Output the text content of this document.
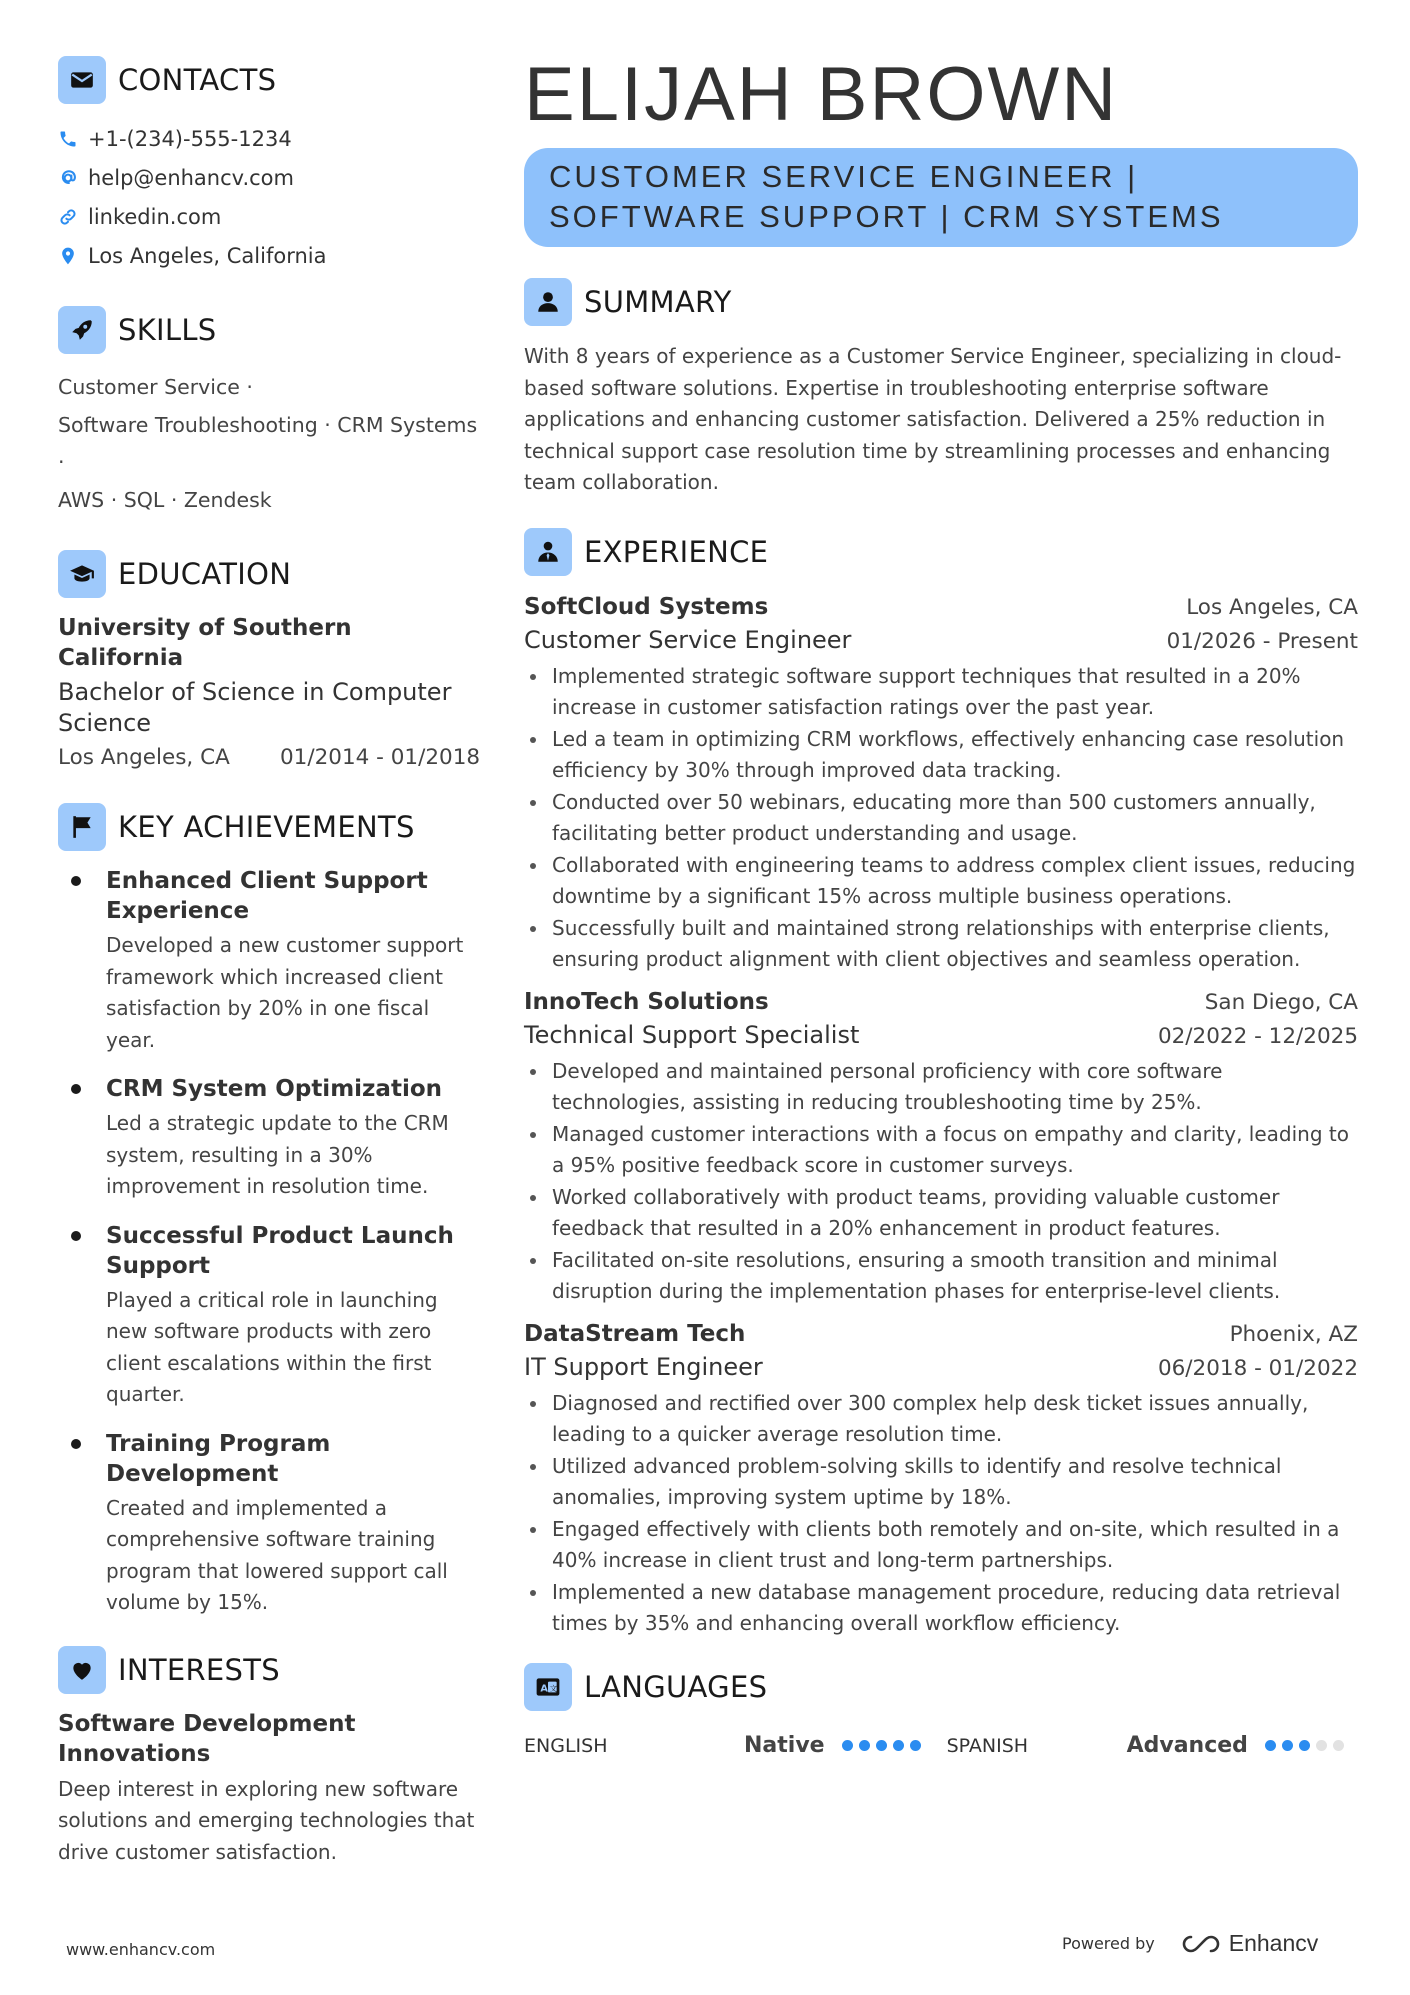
CONTACTS
+1-(234)-555-1234
help@enhancv.com
linkedin.com
Los Angeles, California
SKILLS
Customer Service ·
Software Troubleshooting · CRM Systems ·
AWS · SQL · Zendesk
EDUCATION
University of Southern California
Bachelor of Science in Computer Science
Los Angeles, CA	01/2014 - 01/2018
KEY ACHIEVEMENTS
Enhanced Client Support Experience
Developed a new customer support framework which increased client satisfaction by 20% in one fiscal year.
CRM System Optimization
Led a strategic update to the CRM system, resulting in a 30% improvement in resolution time.
Successful Product Launch Support
Played a critical role in launching new software products with zero client escalations within the first quarter.
Training Program Development
Created and implemented a comprehensive software training program that lowered support call volume by 15%.
INTERESTS
Software Development Innovations
Deep interest in exploring new software solutions and emerging technologies that drive customer satisfaction.
ELIJAH BROWN
CUSTOMER SERVICE ENGINEER | SOFTWARE SUPPORT | CRM SYSTEMS
SUMMARY
With 8 years of experience as a Customer Service Engineer, specializing in cloud-based software solutions. Expertise in troubleshooting enterprise software applications and enhancing customer satisfaction. Delivered a 25% reduction in technical support case resolution time by streamlining processes and enhancing team collaboration.
EXPERIENCE
SoftCloud Systems	Los Angeles, CA
Customer Service Engineer	01/2026 - Present
Implemented strategic software support techniques that resulted in a 20% increase in customer satisfaction ratings over the past year.
Led a team in optimizing CRM workflows, effectively enhancing case resolution efficiency by 30% through improved data tracking.
Conducted over 50 webinars, educating more than 500 customers annually, facilitating better product understanding and usage.
Collaborated with engineering teams to address complex client issues, reducing downtime by a significant 15% across multiple business operations.
Successfully built and maintained strong relationships with enterprise clients, ensuring product alignment with client objectives and seamless operation.
InnoTech Solutions	San Diego, CA
Technical Support Specialist	02/2022 - 12/2025
Developed and maintained personal proficiency with core software technologies, assisting in reducing troubleshooting time by 25%.
Managed customer interactions with a focus on empathy and clarity, leading to a 95% positive feedback score in customer surveys.
Worked collaboratively with product teams, providing valuable customer feedback that resulted in a 20% enhancement in product features.
Facilitated on-site resolutions, ensuring a smooth transition and minimal disruption during the implementation phases for enterprise-level clients.
DataStream Tech	Phoenix, AZ
IT Support Engineer	06/2018 - 01/2022
Diagnosed and rectified over 300 complex help desk ticket issues annually, leading to a quicker average resolution time.
Utilized advanced problem-solving skills to identify and resolve technical anomalies, improving system uptime by 18%.
Engaged effectively with clients both remotely and on-site, which resulted in a 40% increase in client trust and long-term partnerships.
Implemented a new database management procedure, reducing data retrieval times by 35% and enhancing overall workflow efficiency.
A 文 LANGUAGES
ENGLISH	Native	SPANISH	Advanced
www.enhancv.com	Powered by	Enhancv
